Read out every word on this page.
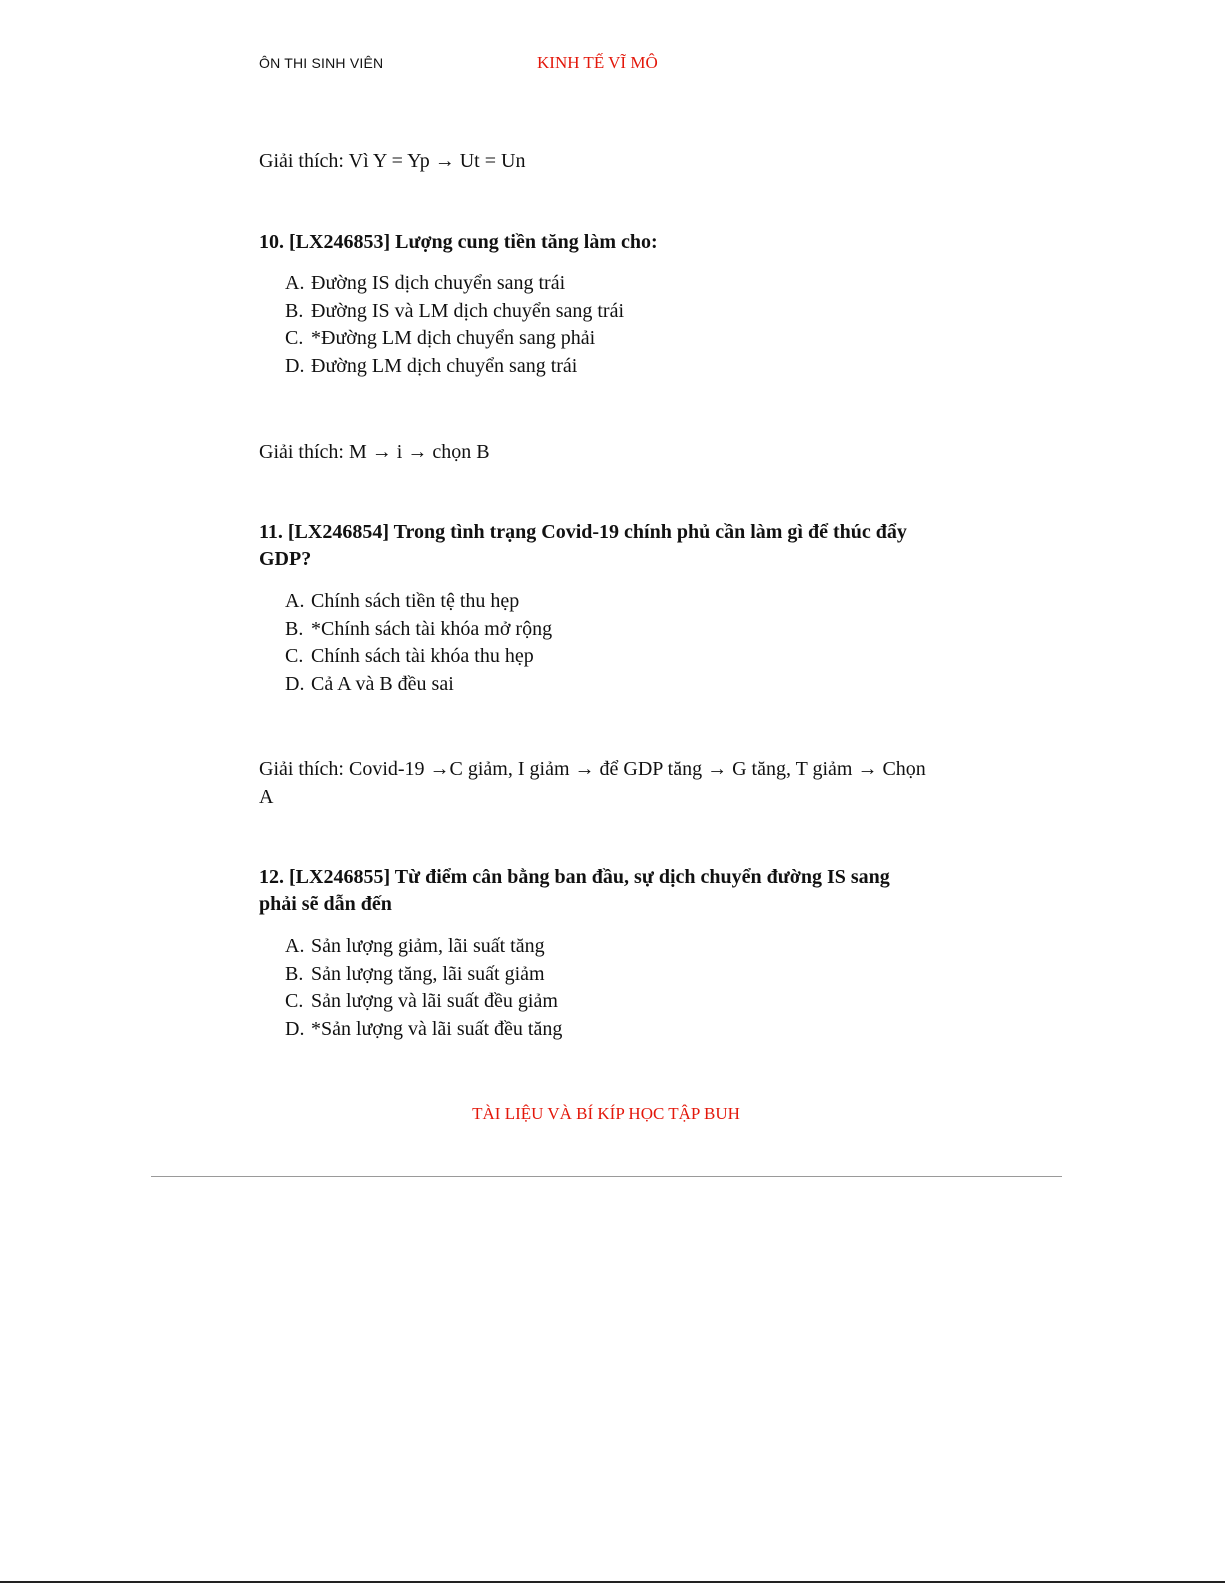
ÔN THI SINH VIÊN	KINH TẾ VĨ MÔ
Giải thích: Vì Y = Yp → Ut = Un
10. [LX246853] Lượng cung tiền tăng làm cho:
A. Đường IS dịch chuyển sang trái
B. Đường IS và LM dịch chuyển sang trái
C. *Đường LM dịch chuyển sang phải
D. Đường LM dịch chuyển sang trái
Giải thích: M → i → chọn B
11. [LX246854] Trong tình trạng Covid-19 chính phủ cần làm gì để thúc đẩy
GDP?
A. Chính sách tiền tệ thu hẹp
B. *Chính sách tài khóa mở rộng
C. Chính sách tài khóa thu hẹp
D. Cả A và B đều sai
Giải thích: Covid-19 →C giảm, I giảm → để GDP tăng → G tăng, T giảm → Chọn
A
12. [LX246855] Từ điểm cân bằng ban đầu, sự dịch chuyển đường IS sang
phải sẽ dẫn đến
A. Sản lượng giảm, lãi suất tăng
B. Sản lượng tăng, lãi suất giảm
C. Sản lượng và lãi suất đều giảm
D. *Sản lượng và lãi suất đều tăng
TÀI LIỆU VÀ BÍ KÍP HỌC TẬP BUH
